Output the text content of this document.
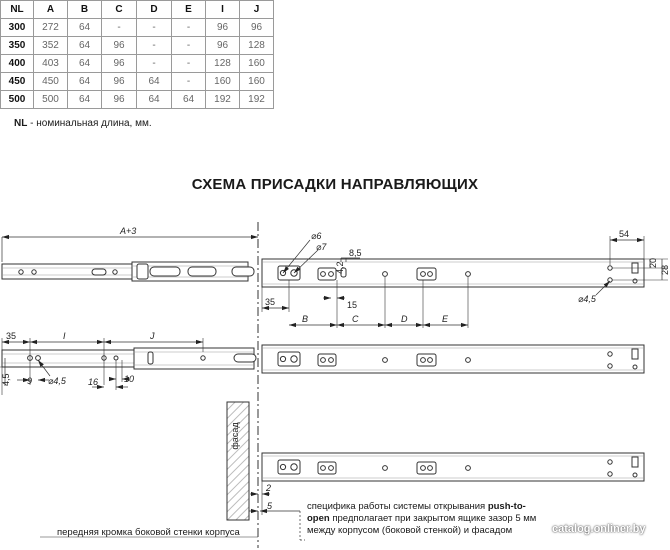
NL	A	B	C	D	E	I	J
300	272	64	-	-	-	96	96
350	352	64	96	-	-	96	128
400	403	64	96	-	-	128	160
450	450	64	96	64	-	160	160
500	500	64	96	64	64	192	192
NL - номинальная длина, мм.
СХЕМА ПРИСАДКИ НАПРАВЛЯЮЩИХ
A+3	⌀6
⌀7
8,5
4,2
35	15
B	C	D	E
54
20
28
⌀4,5
35	I	J
4,5 9 ⌀4,5 16	10
фасад
2
5	специфика работы системы открывания push-to-open предполагает при закрытом ящике зазор 5 мм между корпусом (боковой стенкой) и фасадом
передняя кромка боковой стенки корпуса	catalog.onliner.by
